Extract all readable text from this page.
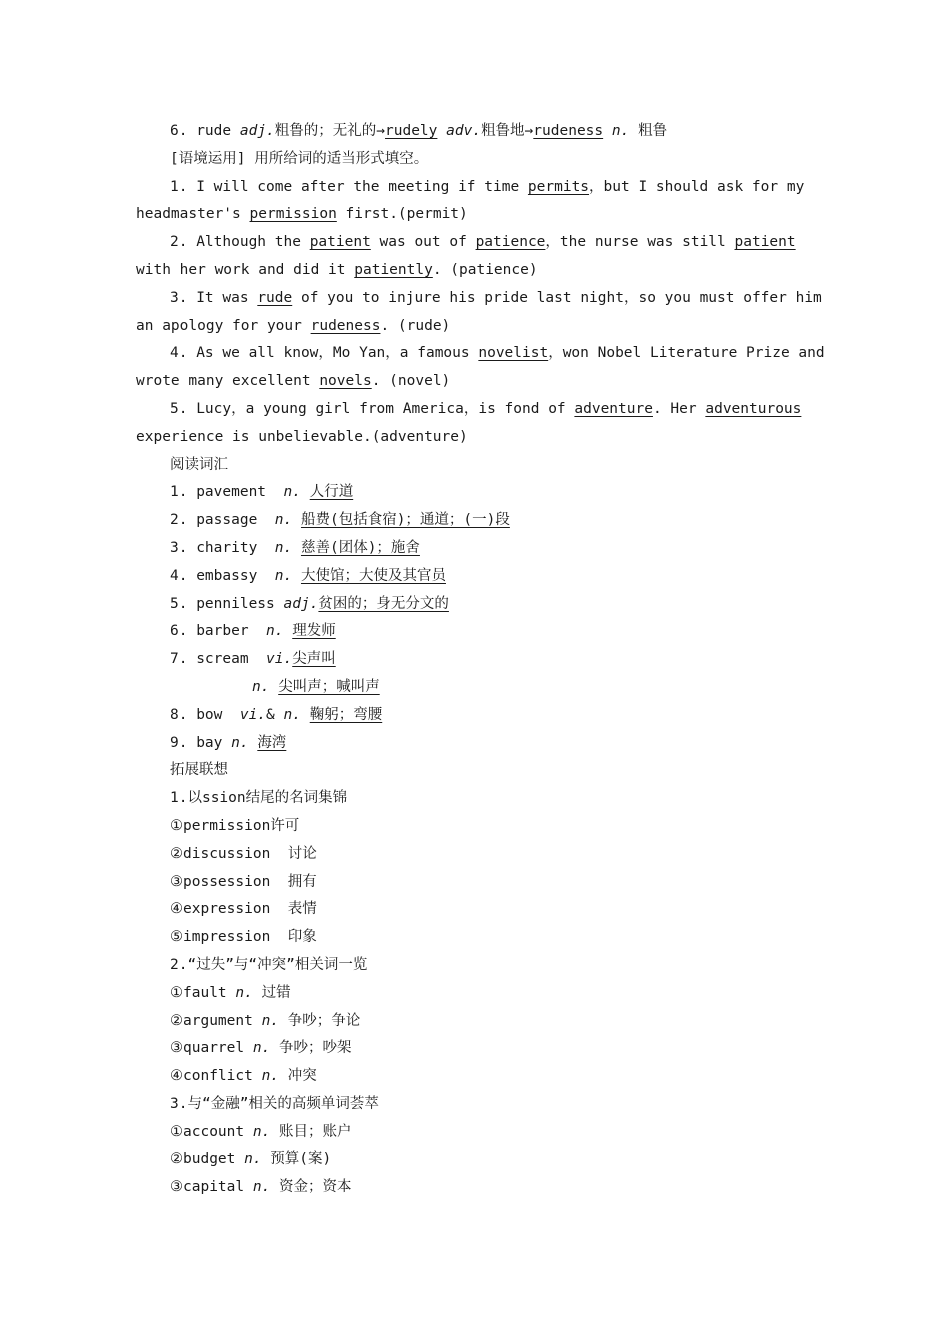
6. rude adj.粗鲁的；无礼的→rudely adv.粗鲁地→rudeness n. 粗鲁
[语境运用] 用所给词的适当形式填空。
1. I will come after the meeting if time permits，but I should ask for my
headmaster's permission first.(permit)
2. Although the patient was out of patience，the nurse was still patient
with her work and did it patiently. (patience)
3. It was rude of you to injure his pride last night，so you must offer him
an apology for your rudeness. (rude)
4. As we all know，Mo Yan，a famous novelist，won Nobel Literature Prize and
wrote many excellent novels. (novel)
5. Lucy，a young girl from America，is fond of adventure. Her adventurous
experience is unbelievable.(adventure)
阅读词汇
1. pavement  n. 人行道
2. passage  n. 船费(包括食宿)；通道；(一)段
3. charity  n. 慈善(团体)；施舍
4. embassy  n. 大使馆；大使及其官员
5. penniless adj.贫困的；身无分文的
6. barber  n. 理发师
7. scream  vi.尖声叫
n. 尖叫声；喊叫声
8. bow  vi.& n. 鞠躬；弯腰
9. bay n. 海湾
拓展联想
1.以ssion结尾的名词集锦
①permission许可
②discussion  讨论
③possession  拥有
④expression  表情
⑤impression  印象
2.“过失”与“冲突”相关词一览
①fault n. 过错
②argument n. 争吵；争论
③quarrel n. 争吵；吵架
④conflict n. 冲突
3.与“金融”相关的高频单词荟萃
①account n. 账目；账户
②budget n. 预算(案)
③capital n. 资金；资本
